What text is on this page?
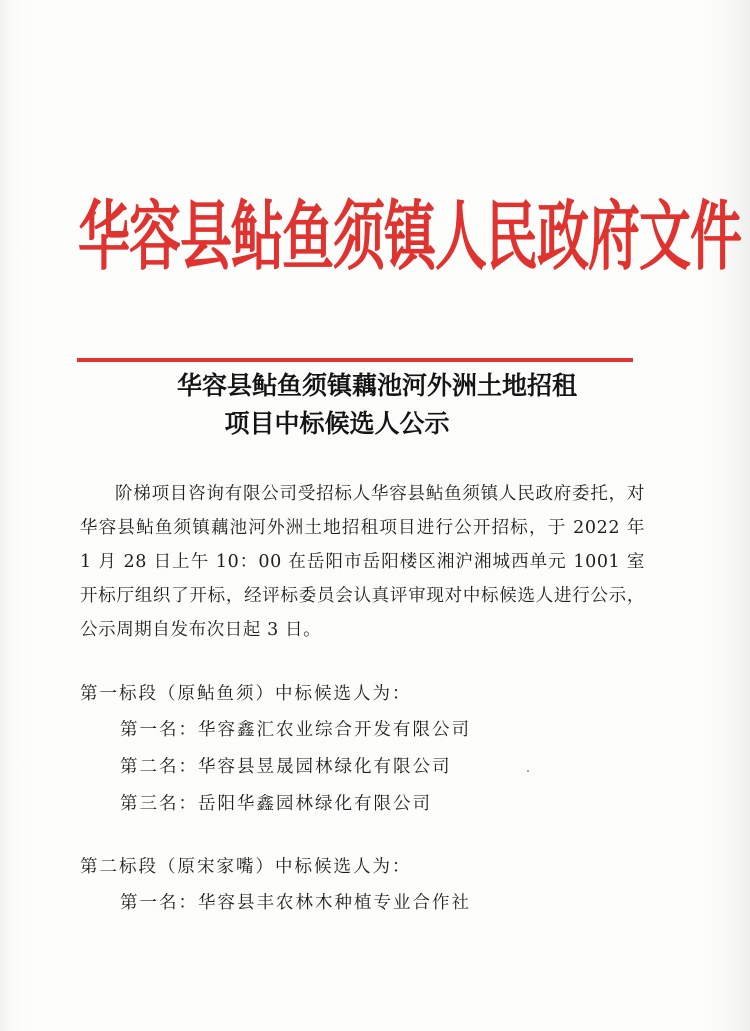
华容县鲇鱼须镇人民政府文件
华容县鲇鱼须镇藕池河外洲土地招租
项目中标候选人公示
阶梯项目咨询有限公司受招标人华容县鲇鱼须镇人民政府委托，对华容县鲇鱼须镇藕池河外洲土地招租项目进行公开招标，于 2022 年 1 月 28 日上午 10：00 在岳阳市岳阳楼区湘沪湘城西单元 1001 室开标厅组织了开标，经评标委员会认真评审现对中标候选人进行公示，公示周期自发布次日起 3 日。
第一标段（原鲇鱼须）中标候选人为：
第一名：华容鑫汇农业综合开发有限公司
第二名：华容县昱晟园林绿化有限公司
第三名：岳阳华鑫园林绿化有限公司
第二标段（原宋家嘴）中标候选人为：
第一名：华容县丰农林木种植专业合作社
